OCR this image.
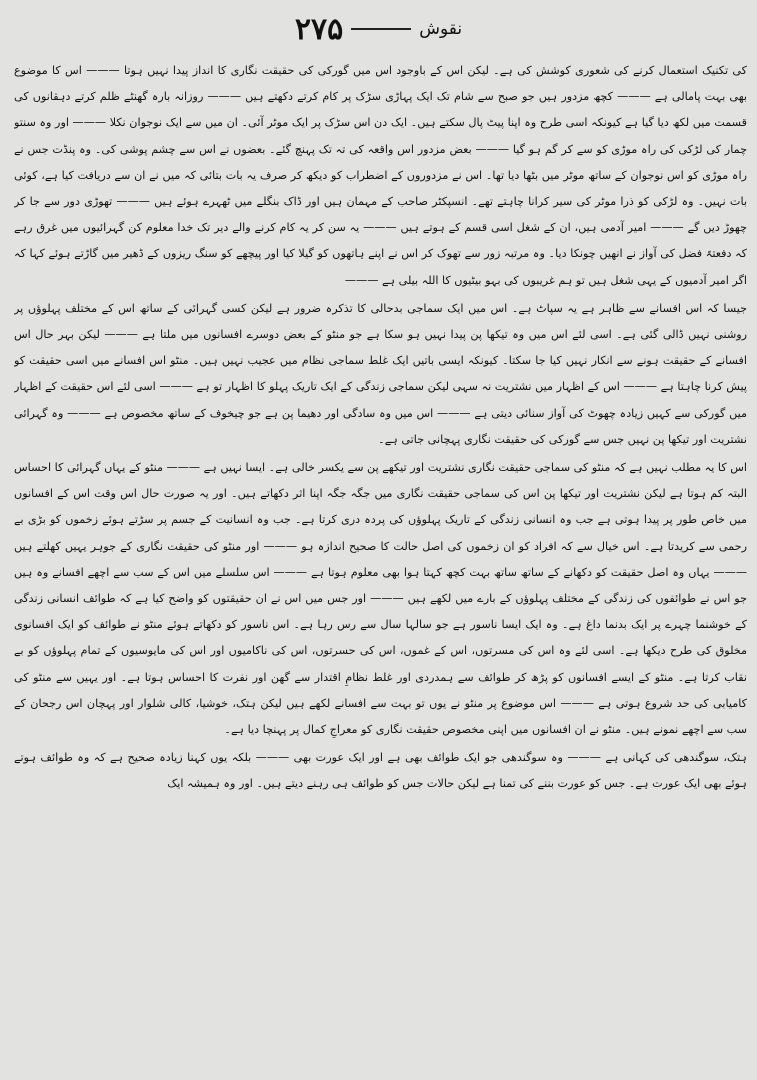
۲۷۵	نقوش

کی تکنیک استعمال کرنے کی شعوری کوشش کی ہے۔ لیکن اس کے باوجود اس میں گورکی کی حقیقت نگاری کا انداز پیدا نہیں ہوتا ——— اس کا موضوع بھی بہت پامالی ہے ——— کچھ مزدور ہیں جو صبح سے شام تک ایک پہاڑی سڑک پر کام کرتے دکھتے ہیں ——— روزانہ بارہ گھنٹے ظلم کرتے دہقانوں کی قسمت میں لکھ دیا گیا ہے کیونکہ اسی طرح وہ اپنا پیٹ پال سکتے ہیں۔ ایک دن اس سڑک پر ایک موٹر آئی۔ ان میں سے ایک نوجوان نکلا ——— اور وہ سنتو چمار کی لڑکی کی راہ موڑی کو سے کر گم ہو گیا ——— بعض مزدور اس واقعہ کی تہ تک پہنچ گئے۔ بعضوں نے اس سے چشم پوشی کی۔ وہ پنڈت جس نے راہ موڑی کو اس نوجوان کے ساتھ موٹر میں بٹھا دیا تھا۔ اس نے مزدوروں کے اضطراب کو دیکھ کر صرف یہ بات بتائی کہ میں نے ان سے دریافت کیا ہے، کوئی بات نہیں۔ وہ لڑکی کو ذرا موٹر کی سیر کرانا چاہتے تھے۔ انسپکٹر صاحب کے مہمان ہیں اور ڈاک بنگلے میں ٹھہرے ہوئے ہیں ——— تھوڑی دور سے جا کر چھوڑ دیں گے ——— امیر آدمی ہیں، ان کے شغل اسی قسم کے ہوتے ہیں ——— یہ سن کر یہ کام کرنے والے دیر تک خدا معلوم کن گہرائیوں میں غرق رہے کہ دفعتہً فضل کی آواز نے انھیں چونکا دیا۔ وہ مرتبہ زور سے تھوک کر اس نے اپنے ہاتھوں کو گیلا کیا اور پیچھے کو سنگ ریزوں کے ڈھیر میں گاڑتے ہوئے کہا کہ اگر امیر آدمیوں کے یہی شغل ہیں تو ہم غریبوں کی بہو بیٹیوں کا اللہ بیلی ہے ———

جیسا کہ اس افسانے سے ظاہر ہے یہ سپاٹ ہے۔ اس میں ایک سماجی بدحالی کا تذکرہ ضرور ہے لیکن کسی گہرائی کے ساتھ اس کے مختلف پہلوؤں پر روشنی نہیں ڈالی گئی ہے۔ اسی لئے اس میں وہ تیکھا پن پیدا نہیں ہو سکا ہے جو منٹو کے بعض دوسرے افسانوں میں ملتا ہے ——— لیکن بہر حال اس افسانے کے حقیقت ہونے سے انکار نہیں کیا جا سکتا۔ کیونکہ ایسی باتیں ایک غلط سماجی نظام میں عجیب نہیں ہیں۔ منٹو اس افسانے میں اسی حقیقت کو پیش کرنا چاہتا ہے ——— اس کے اظہار میں نشتریت نہ سہی لیکن سماجی زندگی کے ایک تاریک پہلو کا اظہار تو ہے ——— اسی لئے اس حقیقت کے اظہار میں گورکی سے کہیں زیادہ چھوٹ کی آواز سنائی دیتی ہے ——— اس میں وہ سادگی اور دھیما پن ہے جو چیخوف کے ساتھ مخصوص ہے ——— وہ گہرائی نشتریت اور تیکھا پن نہیں جس سے گورکی کی حقیقت نگاری پہچانی جاتی ہے۔

اس کا یہ مطلب نہیں ہے کہ منٹو کی سماجی حقیقت نگاری نشتریت اور تیکھے پن سے یکسر خالی ہے۔ ایسا نہیں ہے ——— منٹو کے یہاں گہرائی کا احساس البتہ کم ہوتا ہے لیکن نشتریت اور تیکھا پن اس کی سماجی حقیقت نگاری میں جگہ جگہ اپنا اثر دکھاتے ہیں۔ اور یہ صورت حال اس وقت اس کے افسانوں میں خاص طور پر پیدا ہوتی ہے جب وہ انسانی زندگی کے تاریک پہلوؤں کی پردہ دری کرتا ہے۔ جب وہ انسانیت کے جسم پر سڑتے ہوئے زخموں کو بڑی بے رحمی سے کریدتا ہے۔ اس خیال سے کہ افراد کو ان زخموں کی اصل حالت کا صحیح اندازہ ہو ——— اور منٹو کی حقیقت نگاری کے جوہر یہیں کھلتے ہیں ——— یہاں وہ اصل حقیقت کو دکھانے کے ساتھ ساتھ بہت کچھ کہتا ہوا بھی معلوم ہوتا ہے ——— اس سلسلے میں اس کے سب سے اچھے افسانے وہ ہیں جو اس نے طوائفوں کی زندگی کے مختلف پہلوؤں کے بارے میں لکھے ہیں ——— اور جس میں اس نے ان حقیقتوں کو واضح کیا ہے کہ طوائف انسانی زندگی کے خوشنما چہرے پر ایک بدنما داغ ہے۔ وہ ایک ایسا ناسور ہے جو سالہا سال سے رس رہا ہے۔ اس ناسور کو دکھاتے ہوئے منٹو نے طوائف کو ایک افسانوی مخلوق کی طرح دیکھا ہے۔ اسی لئے وہ اس کی مسرتوں، اس کے غموں، اس کی حسرتوں، اس کی ناکامیوں اور اس کی مایوسیوں کے تمام پہلوؤں کو بے نقاب کرتا ہے۔ منٹو کے ایسے افسانوں کو پڑھ کر طوائف سے ہمدردی اور غلط نظامِ اقتدار سے گھن اور نفرت کا احساس ہوتا ہے۔ اور یہیں سے منٹو کی کامیابی کی حد شروع ہوتی ہے ——— اس موضوع پر منٹو نے یوں تو بہت سے افسانے لکھے ہیں لیکن ہتک، خوشیا، کالی شلوار اور پہچان اس رجحان کے سب سے اچھے نمونے ہیں۔ منٹو نے ان افسانوں میں اپنی مخصوص حقیقت نگاری کو معراجِ کمال پر پہنچا دیا ہے۔

ہتک، سوگندھی کی کہانی ہے ——— وہ سوگندھی جو ایک طوائف بھی ہے اور ایک عورت بھی ——— بلکہ یوں کہنا زیادہ صحیح ہے کہ وہ طوائف ہوتے ہوئے بھی ایک عورت ہے۔ جس کو عورت بننے کی تمنا ہے لیکن حالات جس کو طوائف ہی رہنے دیتے ہیں۔ اور وہ ہمیشہ ایک
